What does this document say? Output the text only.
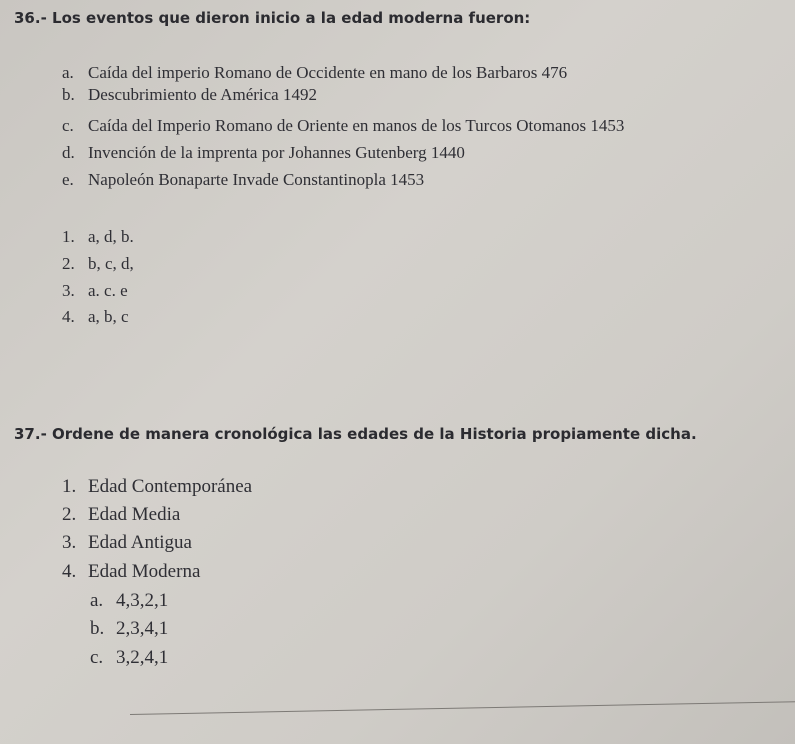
36.- Los eventos que dieron inicio a la edad moderna fueron:
a. Caída del imperio Romano de Occidente en mano de los Barbaros 476
b. Descubrimiento de América 1492
c. Caída del Imperio Romano de Oriente en manos de los Turcos Otomanos 1453
d. Invención de la imprenta por Johannes Gutenberg 1440
e. Napoleón Bonaparte Invade Constantinopla 1453
1. a, d, b.
2. b, c, d,
3. a. c. e
4. a, b, c
37.- Ordene de manera cronológica las edades de la Historia propiamente dicha.
1. Edad Contemporánea
2. Edad Media
3. Edad Antigua
4. Edad Moderna
a. 4,3,2,1
b. 2,3,4,1
c. 3,2,4,1
